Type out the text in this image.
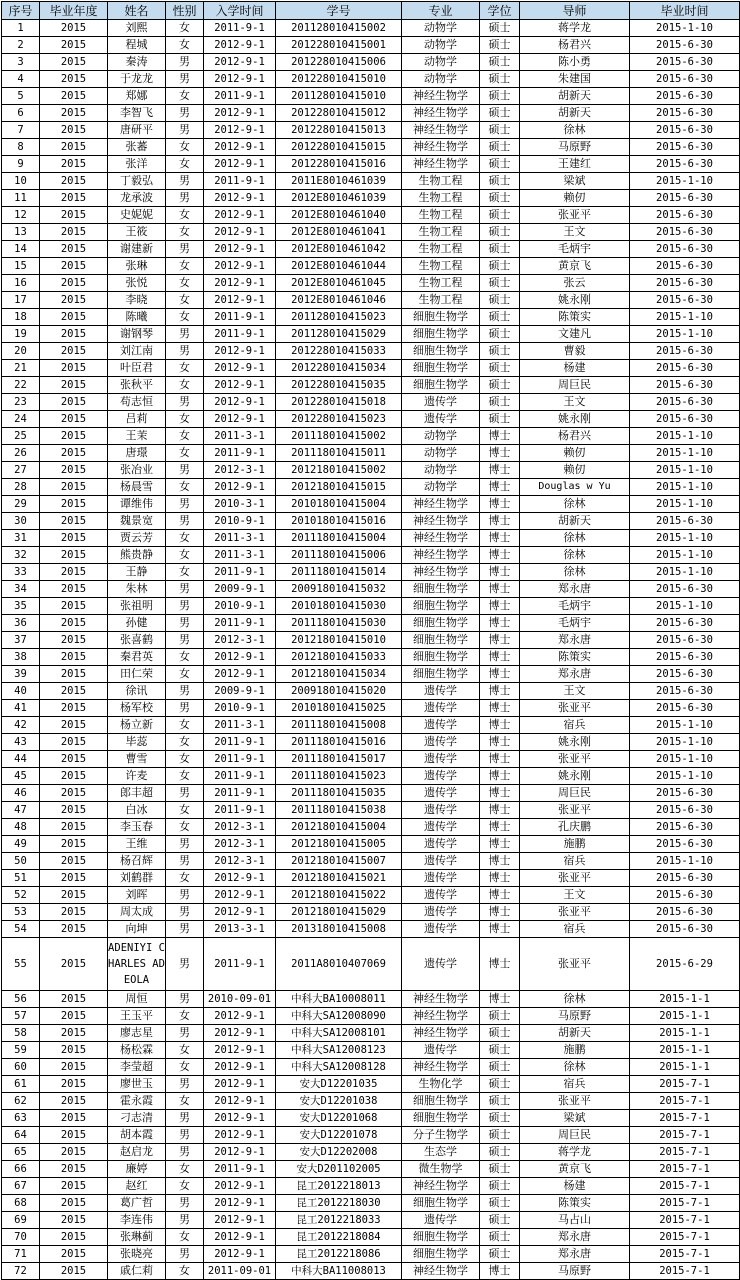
序号	毕业年度	姓名	性别	入学时间	学号	专业	学位	导师	毕业时间
1	2015	刘熙	女	2011-9-1	201128010415002	动物学	硕士	蒋学龙	2015-1-10
2	2015	程城	女	2012-9-1	201228010415001	动物学	硕士	杨君兴	2015-6-30
3	2015	秦涛	男	2012-9-1	201228010415006	动物学	硕士	陈小勇	2015-6-30
4	2015	于龙龙	男	2012-9-1	201228010415010	动物学	硕士	朱建国	2015-6-30
5	2015	郑娜	女	2011-9-1	201128010415010	神经生物学	硕士	胡新天	2015-6-30
6	2015	李智飞	男	2012-9-1	201228010415012	神经生物学	硕士	胡新天	2015-6-30
7	2015	唐研平	男	2012-9-1	201228010415013	神经生物学	硕士	徐林	2015-6-30
8	2015	张蕃	女	2012-9-1	201228010415015	神经生物学	硕士	马原野	2015-6-30
9	2015	张洋	女	2012-9-1	201228010415016	神经生物学	硕士	王建红	2015-6-30
10	2015	丁毅弘	男	2011-9-1	2011E8010461039	生物工程	硕士	梁斌	2015-1-10
11	2015	龙承波	男	2012-9-1	2012E8010461039	生物工程	硕士	赖仞	2015-6-30
12	2015	史妮妮	女	2012-9-1	2012E8010461040	生物工程	硕士	张亚平	2015-6-30
13	2015	王筱	女	2012-9-1	2012E8010461041	生物工程	硕士	王文	2015-6-30
14	2015	谢建新	男	2012-9-1	2012E8010461042	生物工程	硕士	毛炳宇	2015-6-30
15	2015	张琳	女	2012-9-1	2012E8010461044	生物工程	硕士	黄京飞	2015-6-30
16	2015	张悦	女	2012-9-1	2012E8010461045	生物工程	硕士	张云	2015-6-30
17	2015	李晓	女	2012-9-1	2012E8010461046	生物工程	硕士	姚永刚	2015-6-30
18	2015	陈曦	女	2011-9-1	201128010415023	细胞生物学	硕士	陈策实	2015-1-10
19	2015	谢钢琴	男	2011-9-1	201128010415029	细胞生物学	硕士	文建凡	2015-1-10
20	2015	刘江南	男	2012-9-1	201228010415033	细胞生物学	硕士	曹毅	2015-6-30
21	2015	叶臣君	女	2012-9-1	201228010415034	细胞生物学	硕士	杨建	2015-6-30
22	2015	张秋平	女	2012-9-1	201228010415035	细胞生物学	硕士	周巨民	2015-6-30
23	2015	苟志恒	男	2012-9-1	201228010415018	遗传学	硕士	王文	2015-6-30
24	2015	吕莉	女	2012-9-1	201228010415023	遗传学	硕士	姚永刚	2015-6-30
25	2015	王茉	女	2011-3-1	201118010415002	动物学	博士	杨君兴	2015-1-10
26	2015	唐璟	女	2011-9-1	201118010415011	动物学	博士	赖仞	2015-1-10
27	2015	张冶业	男	2012-3-1	201218010415002	动物学	博士	赖仞	2015-1-10
28	2015	杨晨雪	女	2012-9-1	201218010415015	动物学	博士	Douglas w Yu	2015-1-10
29	2015	谭维伟	男	2010-3-1	201018010415004	神经生物学	博士	徐林	2015-1-10
30	2015	魏景宽	男	2010-9-1	201018010415016	神经生物学	博士	胡新天	2015-6-30
31	2015	贾云芳	女	2011-3-1	201118010415004	神经生物学	博士	徐林	2015-1-10
32	2015	熊贵静	女	2011-3-1	201118010415006	神经生物学	博士	徐林	2015-1-10
33	2015	王静	女	2011-9-1	201118010415014	神经生物学	博士	徐林	2015-1-10
34	2015	朱林	男	2009-9-1	200918010415032	细胞生物学	博士	郑永唐	2015-6-30
35	2015	张祖明	男	2010-9-1	201018010415030	细胞生物学	博士	毛炳宇	2015-1-10
36	2015	孙健	男	2011-9-1	201118010415030	细胞生物学	博士	毛炳宇	2015-6-30
37	2015	张喜鹤	男	2012-3-1	201218010415010	细胞生物学	博士	郑永唐	2015-6-30
38	2015	秦君英	女	2012-9-1	201218010415033	细胞生物学	博士	陈策实	2015-6-30
39	2015	田仁荣	女	2012-9-1	201218010415034	细胞生物学	博士	郑永唐	2015-6-30
40	2015	徐讯	男	2009-9-1	200918010415020	遗传学	博士	王文	2015-6-30
41	2015	杨军校	男	2010-9-1	201018010415025	遗传学	博士	张亚平	2015-6-30
42	2015	杨立新	女	2011-3-1	201118010415008	遗传学	博士	宿兵	2015-1-10
43	2015	毕蕊	女	2011-9-1	201118010415016	遗传学	博士	姚永刚	2015-1-10
44	2015	曹雪	女	2011-9-1	201118010415017	遗传学	博士	张亚平	2015-1-10
45	2015	许麦	女	2011-9-1	201118010415023	遗传学	博士	姚永刚	2015-1-10
46	2015	郎丰超	男	2011-9-1	201118010415035	遗传学	博士	周巨民	2015-6-30
47	2015	白冰	女	2011-9-1	201118010415038	遗传学	博士	张亚平	2015-6-30
48	2015	李玉春	女	2012-3-1	201218010415004	遗传学	博士	孔庆鹏	2015-6-30
49	2015	王维	男	2012-3-1	201218010415005	遗传学	博士	施鹏	2015-6-30
50	2015	杨召辉	男	2012-3-1	201218010415007	遗传学	博士	宿兵	2015-1-10
51	2015	刘鹤群	女	2012-9-1	201218010415021	遗传学	博士	张亚平	2015-6-30
52	2015	刘晖	男	2012-9-1	201218010415022	遗传学	博士	王文	2015-6-30
53	2015	周太成	男	2012-9-1	201218010415029	遗传学	博士	张亚平	2015-6-30
54	2015	向坤	男	2013-3-1	201318010415008	遗传学	博士	宿兵	2015-6-30
55	2015	ADENIYI CHARLES ADEOLA	男	2011-9-1	2011A8010407069	遗传学	博士	张亚平	2015-6-29
56	2015	周恒	男	2010-09-01	中科大BA10008011	神经生物学	博士	徐林	2015-1-1
57	2015	王玉平	女	2012-9-1	中科大SA12008090	神经生物学	硕士	马原野	2015-1-1
58	2015	廖志星	男	2012-9-1	中科大SA12008101	神经生物学	硕士	胡新天	2015-1-1
59	2015	杨松霖	女	2012-9-1	中科大SA12008123	遗传学	硕士	施鹏	2015-1-1
60	2015	李莹超	女	2012-9-1	中科大SA12008128	神经生物学	硕士	徐林	2015-1-1
61	2015	廖世玉	男	2012-9-1	安大D12201035	生物化学	硕士	宿兵	2015-7-1
62	2015	霍永霞	女	2012-9-1	安大D12201038	细胞生物学	硕士	张亚平	2015-7-1
63	2015	刁志清	男	2012-9-1	安大D12201068	细胞生物学	硕士	梁斌	2015-7-1
64	2015	胡本霞	男	2012-9-1	安大D12201078	分子生物学	硕士	周巨民	2015-7-1
65	2015	赵启龙	男	2012-9-1	安大D12202008	生态学	硕士	蒋学龙	2015-7-1
66	2015	廉婷	女	2011-9-1	安大D201102005	微生物学	硕士	黄京飞	2015-7-1
67	2015	赵红	女	2012-9-1	昆工2012218013	神经生物学	硕士	杨建	2015-7-1
68	2015	葛广哲	男	2012-9-1	昆工2012218030	细胞生物学	硕士	陈策实	2015-7-1
69	2015	李连伟	男	2012-9-1	昆工2012218033	遗传学	硕士	马占山	2015-7-1
70	2015	张琳蓟	女	2012-9-1	昆工2012218084	细胞生物学	硕士	郑永唐	2015-7-1
71	2015	张晓亮	男	2012-9-1	昆工2012218086	细胞生物学	硕士	郑永唐	2015-7-1
72	2015	戚仁莉	女	2011-09-01	中科大BA11008013	神经生物学	博士	马原野	2015-7-1
